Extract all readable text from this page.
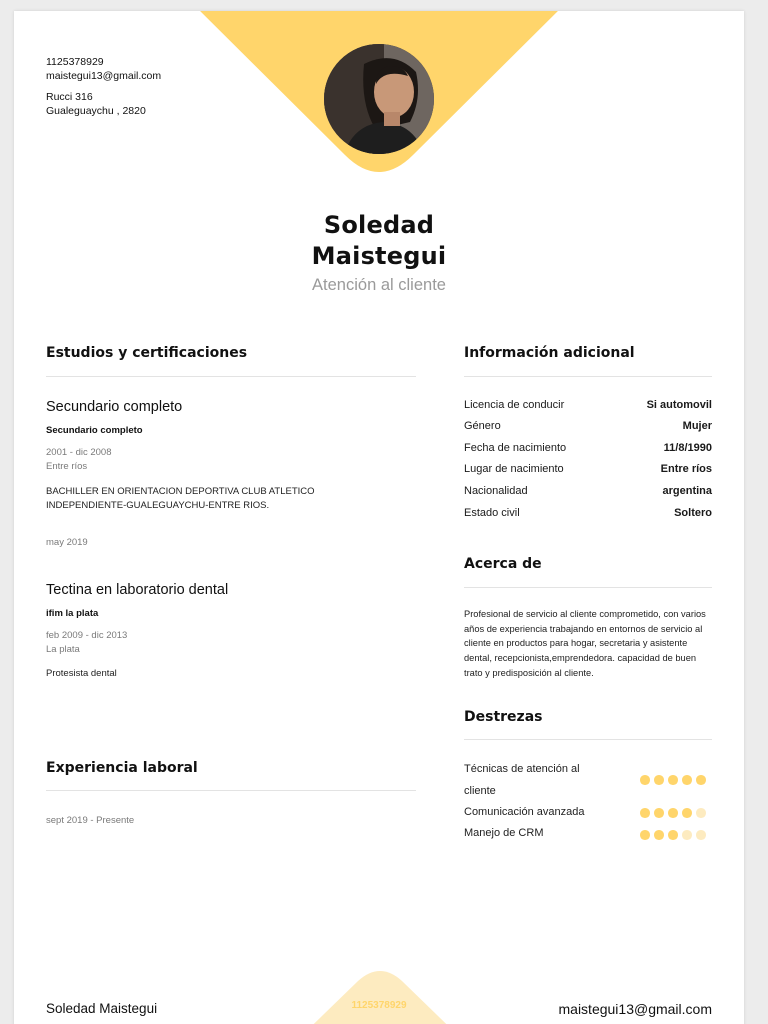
1125378929
maistegui13@gmail.com
Rucci 316
Gualeguaychu , 2820
Soledad
Maistegui
Atención al cliente
Estudios y certificaciones
Secundario completo
Secundario completo
2001 - dic 2008
Entre ríos
BACHILLER EN ORIENTACION DEPORTIVA CLUB ATLETICO INDEPENDIENTE-GUALEGUAYCHU-ENTRE RIOS.
may 2019
Tectina en laboratorio dental
ifim la plata
feb 2009 - dic 2013
La plata
Protesista dental
Experiencia laboral
sept 2019 - Presente
Información adicional
Licencia de conducir	Si automovil
Género	Mujer
Fecha de nacimiento	11/8/1990
Lugar de nacimiento	Entre ríos
Nacionalidad	argentina
Estado civil	Soltero
Acerca de
Profesional de servicio al cliente comprometido, con varios años de experiencia trabajando en entornos de servicio al cliente en productos para hogar, secretaria y asistente dental, recepcionista,emprendedora. capacidad de buen trato y predisposición al cliente.
Destrezas
Técnicas de atención al cliente
Comunicación avanzada
Manejo de CRM
Soledad Maistegui	1125378929	maistegui13@gmail.com
